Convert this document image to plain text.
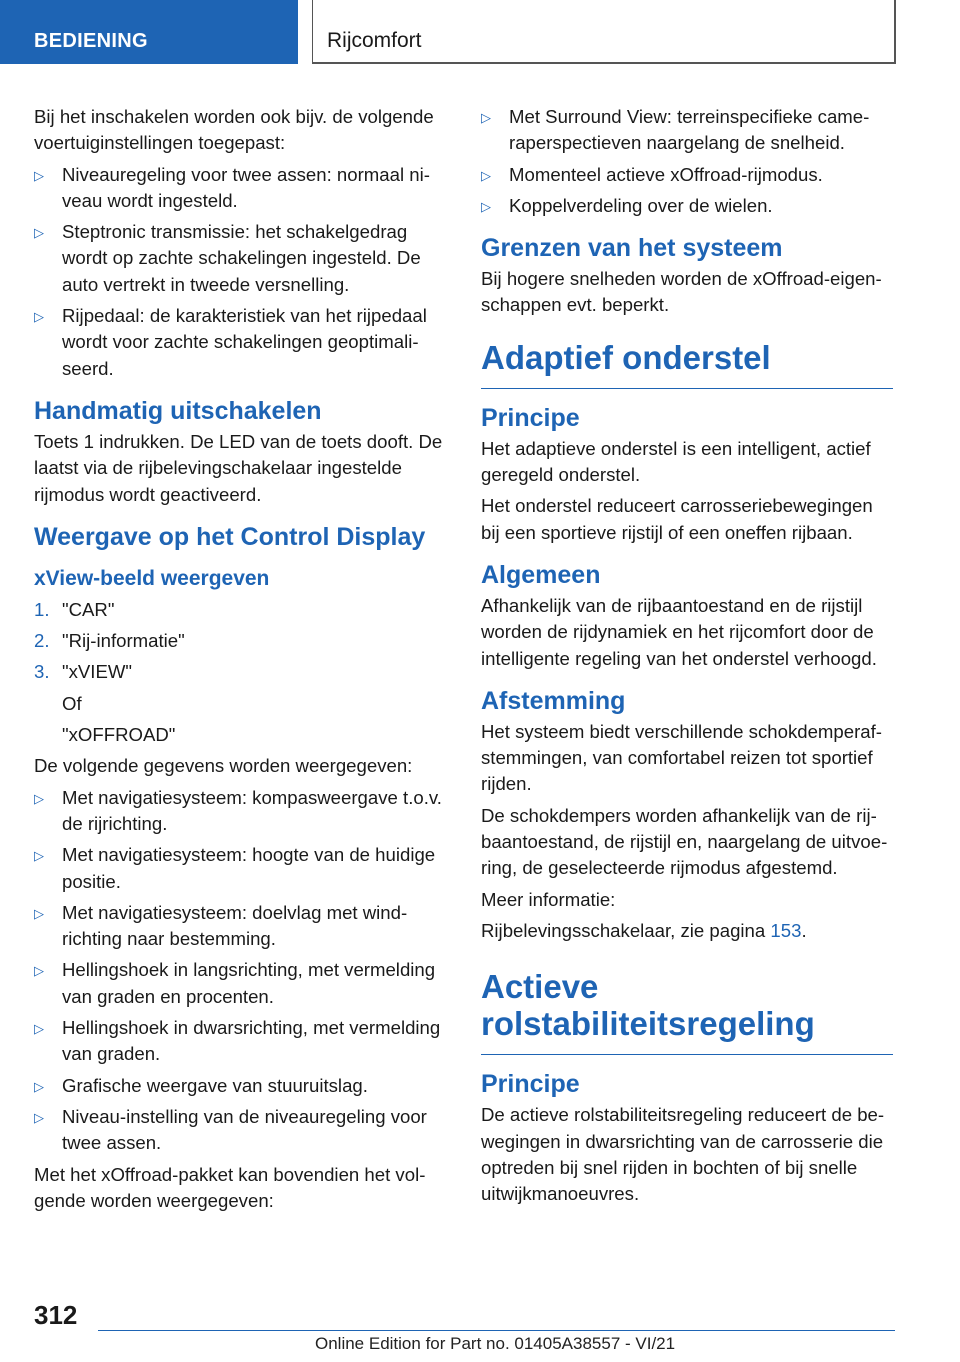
BEDIENING	Rijcomfort

Bij het inschakelen worden ook bijv. de volgende voertuiginstellingen toegepast:

▷ Niveauregeling voor twee assen: normaal niveau wordt ingesteld.
▷ Steptronic transmissie: het schakelgedrag wordt op zachte schakelingen ingesteld. De auto vertrekt in tweede versnelling.
▷ Rijpedaal: de karakteristiek van het rijpedaal wordt voor zachte schakelingen geoptimaliseerd.
Handmatig uitschakelen

Toets 1 indrukken. De LED van de toets dooft. De laatst via de rijbelevingschakelaar ingestelde rijmodus wordt geactiveerd.

Weergave op het Control Display
xView-beeld weergeven
1. "CAR"
2. "Rij-informatie"
3. "xVIEW"
Of
"xOFFROAD"

De volgende gegevens worden weergegeven:

▷ Met navigatiesysteem: kompasweergave t.o.v. de rijrichting.
▷ Met navigatiesysteem: hoogte van de huidige positie.
▷ Met navigatiesysteem: doelvlag met windrichting naar bestemming.
▷ Hellingshoek in langsrichting, met vermelding van graden en procenten.
▷ Hellingshoek in dwarsrichting, met vermelding van graden.
▷ Grafische weergave van stuuruitslag.
▷ Niveau-instelling van de niveauregeling voor twee assen.

Met het xOffroad-pakket kan bovendien het volgende worden weergegeven:

▷ Met Surround View: terreinspecifieke cameraperspectieven naargelang de snelheid.
▷ Momenteel actieve xOffroad-rijmodus.
▷ Koppelverdeling over de wielen.
Grenzen van het systeem

Bij hogere snelheden worden de xOffroad-eigenschappen evt. beperkt.

Adaptief onderstel
Principe

Het adaptieve onderstel is een intelligent, actief geregeld onderstel.

Het onderstel reduceert carrosseriebewegingen bij een sportieve rijstijl of een oneffen rijbaan.

Algemeen

Afhankelijk van de rijbaantoestand en de rijstijl worden de rijdynamiek en het rijcomfort door de intelligente regeling van het onderstel verhoogd.

Afstemming

Het systeem biedt verschillende schokdemperafstemmingen, van comfortabel reizen tot sportief rijden.

De schokdempers worden afhankelijk van de rijbaantoestand, de rijstijl en, naargelang de uitvoering, de geselecteerde rijmodus afgestemd.

Meer informatie:

Rijbelevingsschakelaar, zie pagina 153.

Actieve rolstabiliteitsregeling
Principe

De actieve rolstabiliteitsregeling reduceert de bewegingen in dwarsrichting van de carrosserie die optreden bij snel rijden in bochten of bij snelle uitwijkmanoeuvres.

312
Online Edition for Part no. 01405A38557 - VI/21
